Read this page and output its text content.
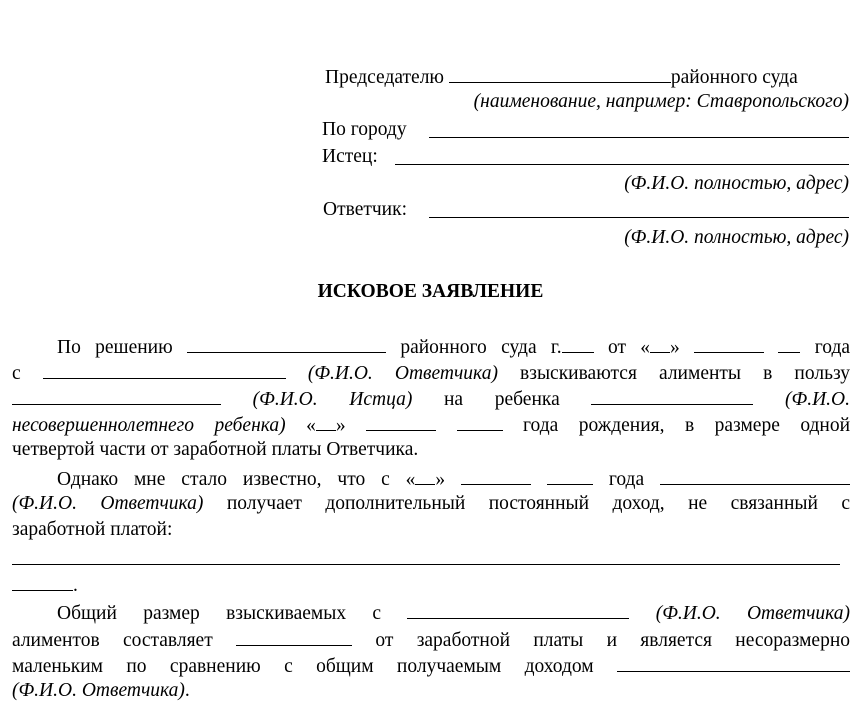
Председателю	районного суда
(наименование, например: Ставропольского)
По городу
Истец:
(Ф.И.О. полностью, адрес)
Ответчик:
(Ф.И.О. полностью, адрес)
ИСКОВОЕ ЗАЯВЛЕНИЕ
По решению	районного суда г. от « »	года
с	(Ф.И.О. Ответчика) взыскиваются алименты в пользу
(Ф.И.О. Истца) на ребенка	(Ф.И.О.
несовершеннолетнего ребенка) « »	года рождения, в размере одной
четвертой части от заработной платы Ответчика.
Однако мне стало известно, что с « »	года
(Ф.И.О. Ответчика) получает дополнительный постоянный доход, не связанный с
заработной платой:
.
Общий размер взыскиваемых с	(Ф.И.О. Ответчика)
алиментов составляет	от заработной платы и является несоразмерно
маленьким по сравнению с общим получаемым доходом
(Ф.И.О. Ответчика).
